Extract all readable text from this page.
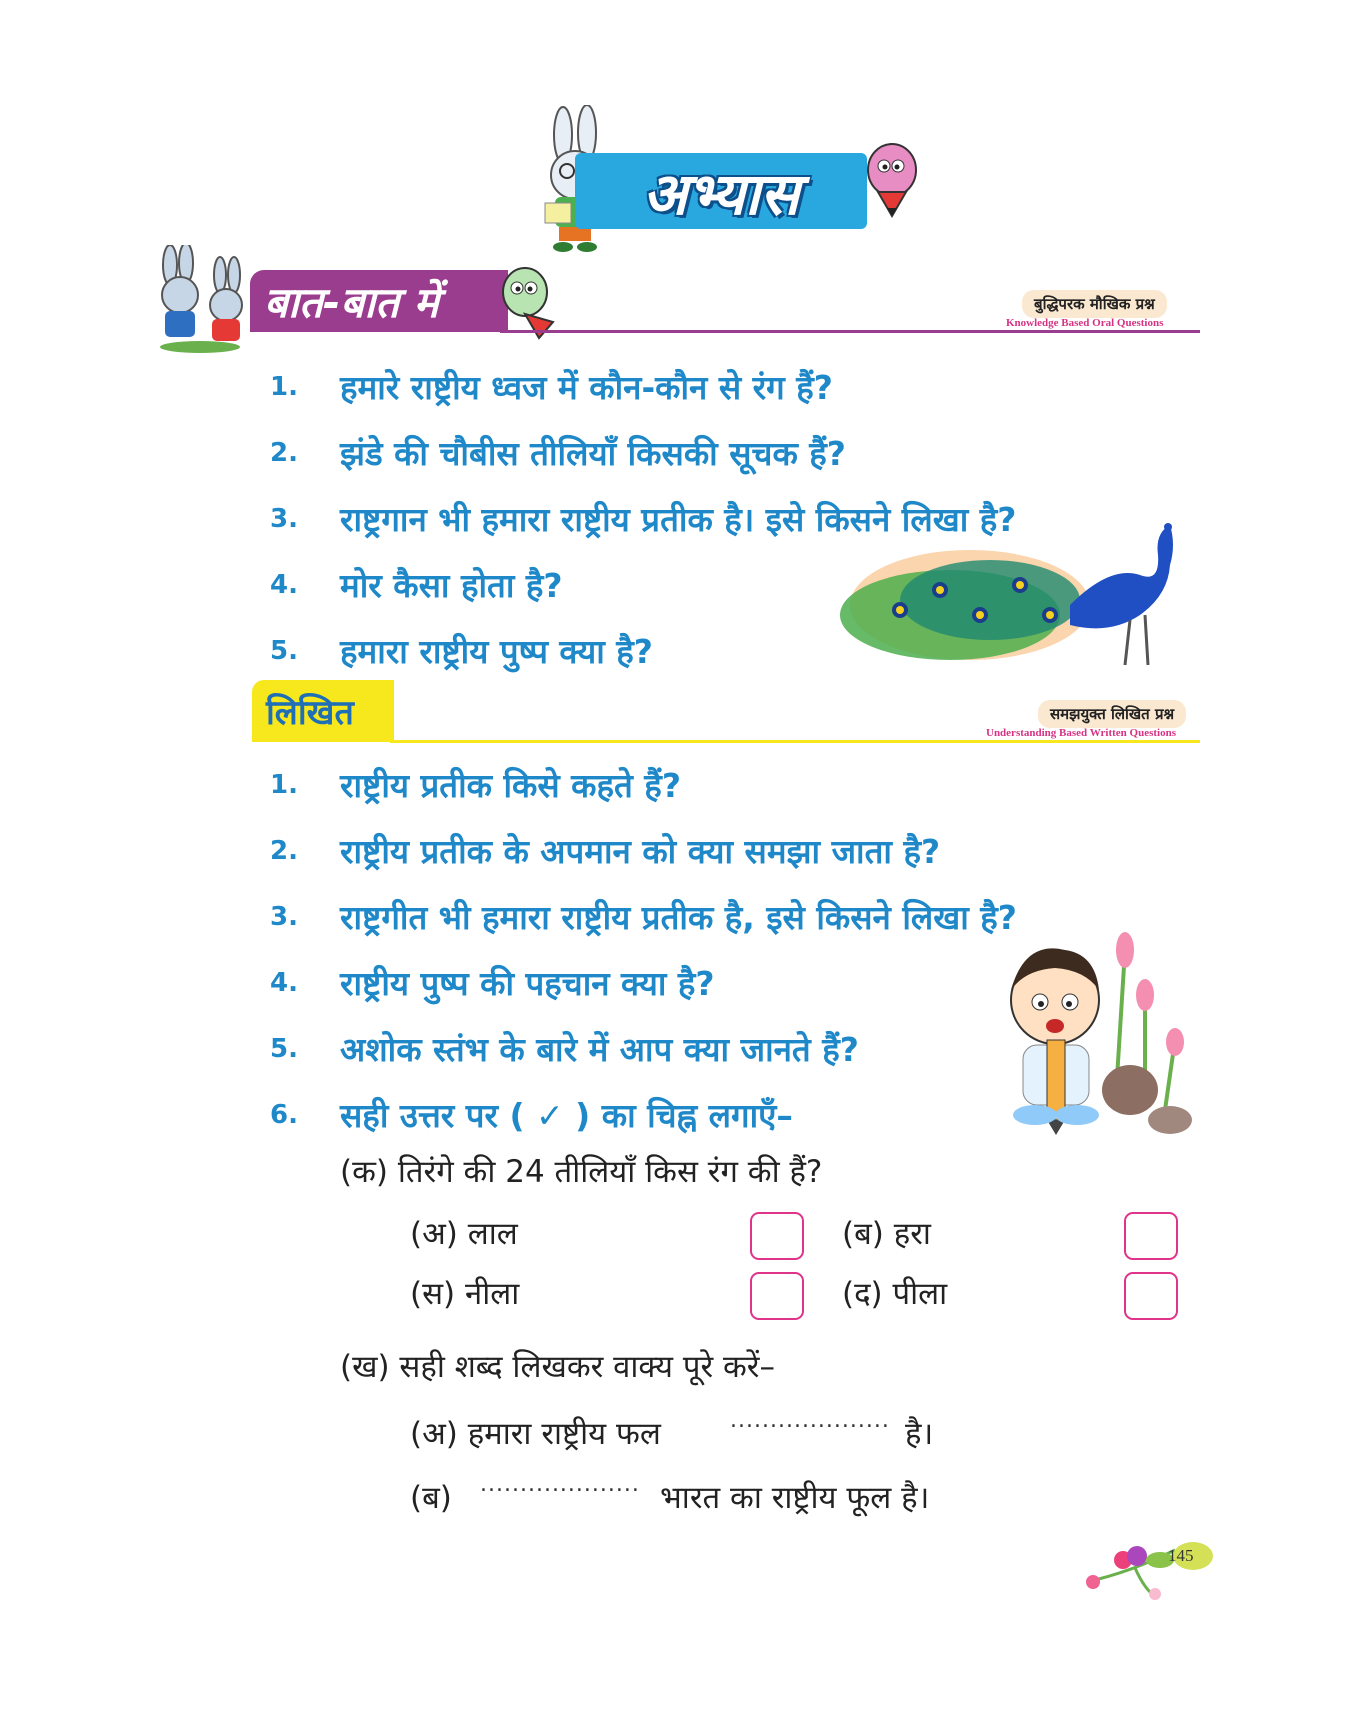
अभ्यास
बात-बात में	बुद्धिपरक मौखिक प्रश्न
Knowledge Based Oral Questions
1. हमारे राष्ट्रीय ध्वज में कौन-कौन से रंग हैं?
2. झंडे की चौबीस तीलियाँ किसकी सूचक हैं?
3. राष्ट्रगान भी हमारा राष्ट्रीय प्रतीक है। इसे किसने लिखा है?
4. मोर कैसा होता है?
5. हमारा राष्ट्रीय पुष्प क्या है?
लिखित	समझयुक्त लिखित प्रश्न
Understanding Based Written Questions
1. राष्ट्रीय प्रतीक किसे कहते हैं?
2. राष्ट्रीय प्रतीक के अपमान को क्या समझा जाता है?
3. राष्ट्रगीत भी हमारा राष्ट्रीय प्रतीक है, इसे किसने लिखा है?
4. राष्ट्रीय पुष्प की पहचान क्या है?
5. अशोक स्तंभ के बारे में आप क्या जानते हैं?
6. सही उत्तर पर ( ✓ ) का चिह्न लगाएँ–
(क) तिरंगे की 24 तीलियाँ किस रंग की हैं?
(अ) लाल	(ब) हरा
(स) नीला	(द) पीला
(ख) सही शब्द लिखकर वाक्य पूरे करें–
(अ) हमारा राष्ट्रीय फल	.................... है।
(ब) .................... भारत का राष्ट्रीय फूल है।
145
